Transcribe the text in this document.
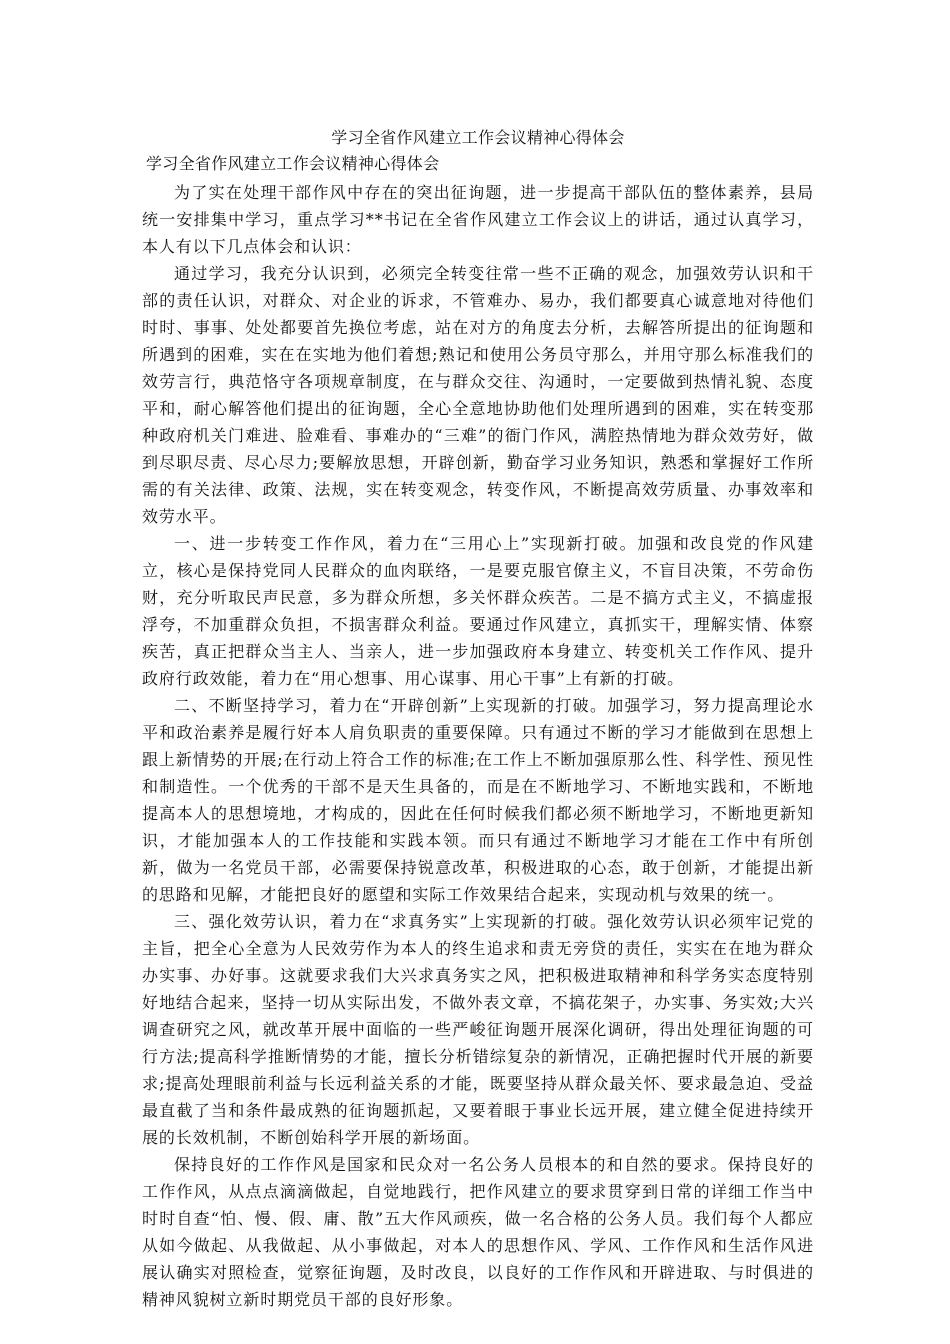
学习全省作风建立工作会议精神心得体会
学习全省作风建立工作会议精神心得体会

为了实在处理干部作风中存在的突出征询题，进一步提高干部队伍的整体素养，县局统一安排集中学习，重点学习**书记在全省作风建立工作会议上的讲话，通过认真学习，本人有以下几点体会和认识：

通过学习，我充分认识到，必须完全转变往常一些不正确的观念，加强效劳认识和干部的责任认识，对群众、对企业的诉求，不管难办、易办，我们都要真心诚意地对待他们时时、事事、处处都要首先换位考虑，站在对方的角度去分析，去解答所提出的征询题和所遇到的困难，实在在实地为他们着想;熟记和使用公务员守那么，并用守那么标准我们的效劳言行，典范恪守各项规章制度，在与群众交往、沟通时，一定要做到热情礼貌、态度平和，耐心解答他们提出的征询题，全心全意地协助他们处理所遇到的困难，实在转变那种政府机关门难进、脸难看、事难办的“三难”的衙门作风，满腔热情地为群众效劳好，做到尽职尽责、尽心尽力;要解放思想，开辟创新，勤奋学习业务知识，熟悉和掌握好工作所需的有关法律、政策、法规，实在转变观念，转变作风，不断提高效劳质量、办事效率和效劳水平。

一、进一步转变工作作风，着力在“三用心上”实现新打破。加强和改良党的作风建立，核心是保持党同人民群众的血肉联络，一是要克服官僚主义，不盲目决策，不劳命伤财，充分听取民声民意，多为群众所想，多关怀群众疾苦。二是不搞方式主义，不搞虚报浮夸，不加重群众负担，不损害群众利益。要通过作风建立，真抓实干，理解实情、体察疾苦，真正把群众当主人、当亲人，进一步加强政府本身建立、转变机关工作作风、提升政府行政效能，着力在“用心想事、用心谋事、用心干事”上有新的打破。

二、不断坚持学习，着力在“开辟创新”上实现新的打破。加强学习，努力提高理论水平和政治素养是履行好本人肩负职责的重要保障。只有通过不断的学习才能做到在思想上跟上新情势的开展;在行动上符合工作的标准;在工作上不断加强原那么性、科学性、预见性和制造性。一个优秀的干部不是天生具备的，而是在不断地学习、不断地实践和，不断地提高本人的思想境地，才构成的，因此在任何时候我们都必须不断地学习，不断地更新知识，才能加强本人的工作技能和实践本领。而只有通过不断地学习才能在工作中有所创新，做为一名党员干部，必需要保持锐意改革，积极进取的心态，敢于创新，才能提出新的思路和见解，才能把良好的愿望和实际工作效果结合起来，实现动机与效果的统一。

三、强化效劳认识，着力在“求真务实”上实现新的打破。强化效劳认识必须牢记党的主旨，把全心全意为人民效劳作为本人的终生追求和责无旁贷的责任，实实在在地为群众办实事、办好事。这就要求我们大兴求真务实之风，把积极进取精神和科学务实态度特别好地结合起来，坚持一切从实际出发，不做外表文章，不搞花架子，办实事、务实效;大兴调查研究之风，就改革开展中面临的一些严峻征询题开展深化调研，得出处理征询题的可行方法;提高科学推断情势的才能，擅长分析错综复杂的新情况，正确把握时代开展的新要求;提高处理眼前利益与长远利益关系的才能，既要坚持从群众最关怀、要求最急迫、受益最直截了当和条件最成熟的征询题抓起，又要着眼于事业长远开展，建立健全促进持续开展的长效机制，不断创始科学开展的新场面。

保持良好的工作作风是国家和民众对一名公务人员根本的和自然的要求。保持良好的工作作风，从点点滴滴做起，自觉地践行，把作风建立的要求贯穿到日常的详细工作当中时时自查“怕、慢、假、庸、散”五大作风顽疾，做一名合格的公务人员。我们每个人都应从如今做起、从我做起、从小事做起，对本人的思想作风、学风、工作作风和生活作风进展认确实对照检查，觉察征询题，及时改良，以良好的工作作风和开辟进取、与时俱进的精神风貌树立新时期党员干部的良好形象。
